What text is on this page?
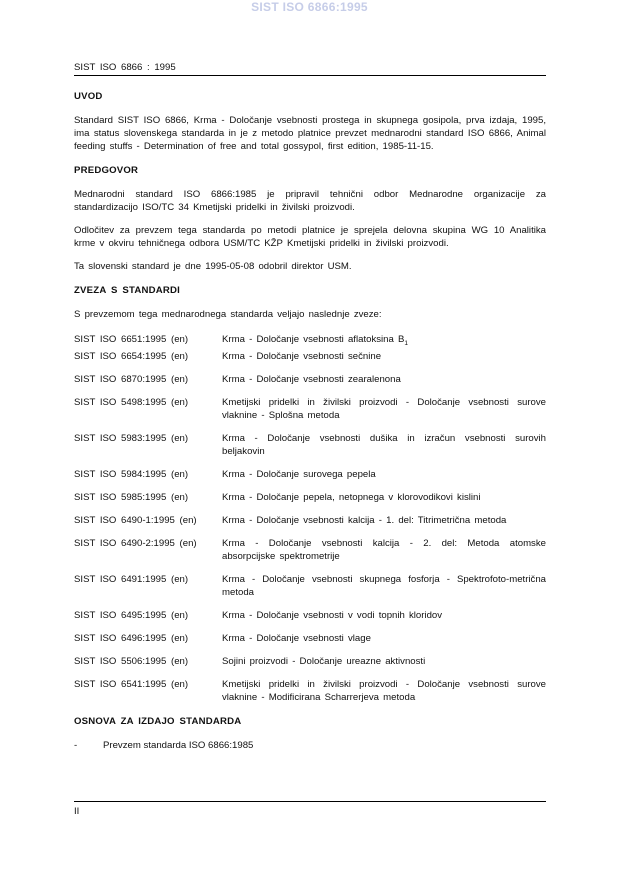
SIST ISO 6866:1995
SIST ISO 6866 : 1995
UVOD

Standard SIST ISO 6866, Krma - Določanje vsebnosti prostega in skupnega gosipola, prva izdaja, 1995, ima status slovenskega standarda in je z metodo platnice prevzet mednarodni standard ISO 6866, Animal feeding stuffs - Determination of free and total gossypol, first edition, 1985-11-15.

PREDGOVOR

Mednarodni standard ISO 6866:1985 je pripravil tehnični odbor Mednarodne organizacije za standardizacijo ISO/TC 34 Kmetijski pridelki in živilski proizvodi.

Odločitev za prevzem tega standarda po metodi platnice je sprejela delovna skupina WG 10 Analitika krme v okviru tehničnega odbora USM/TC KŽP Kmetijski pridelki in živilski proizvodi.

Ta slovenski standard je dne 1995-05-08 odobril direktor USM.

ZVEZA S STANDARDI

S prevzemom tega mednarodnega standarda veljajo naslednje zveze:

SIST ISO 6651:1995 (en)	Krma - Določanje vsebnosti aflatoksina $B_1$
SIST ISO 6654:1995 (en)	Krma - Določanje vsebnosti sečnine
SIST ISO 6870:1995 (en)	Krma - Določanje vsebnosti zearalenona
SIST ISO 5498:1995 (en)	Kmetijski pridelki in živilski proizvodi - Določanje vsebnosti surove vlaknine - Splošna metoda
SIST ISO 5983:1995 (en)	Krma - Določanje vsebnosti dušika in izračun vsebnosti surovih beljakovin
SIST ISO 5984:1995 (en)	Krma - Določanje surovega pepela
SIST ISO 5985:1995 (en)	Krma - Določanje pepela, netopnega v klorovodikovi kislini
SIST ISO 6490-1:1995 (en)	Krma - Določanje vsebnosti kalcija - 1. del: Titrimetrična metoda
SIST ISO 6490-2:1995 (en)	Krma - Določanje vsebnosti kalcija - 2. del: Metoda atomske absorpcijske spektrometrije
SIST ISO 6491:1995 (en)	Krma - Določanje vsebnosti skupnega fosforja - Spektrofoto-metrična metoda
SIST ISO 6495:1995 (en)	Krma - Določanje vsebnosti v vodi topnih kloridov
SIST ISO 6496:1995 (en)	Krma - Določanje vsebnosti vlage
SIST ISO 5506:1995 (en)	Sojini proizvodi - Določanje ureazne aktivnosti
SIST ISO 6541:1995 (en)	Kmetijski pridelki in živilski proizvodi - Določanje vsebnosti surove vlaknine - Modificirana Scharrerjeva metoda
OSNOVA ZA IZDAJO STANDARDA
-	Prevzem standarda ISO 6866:1985
II
